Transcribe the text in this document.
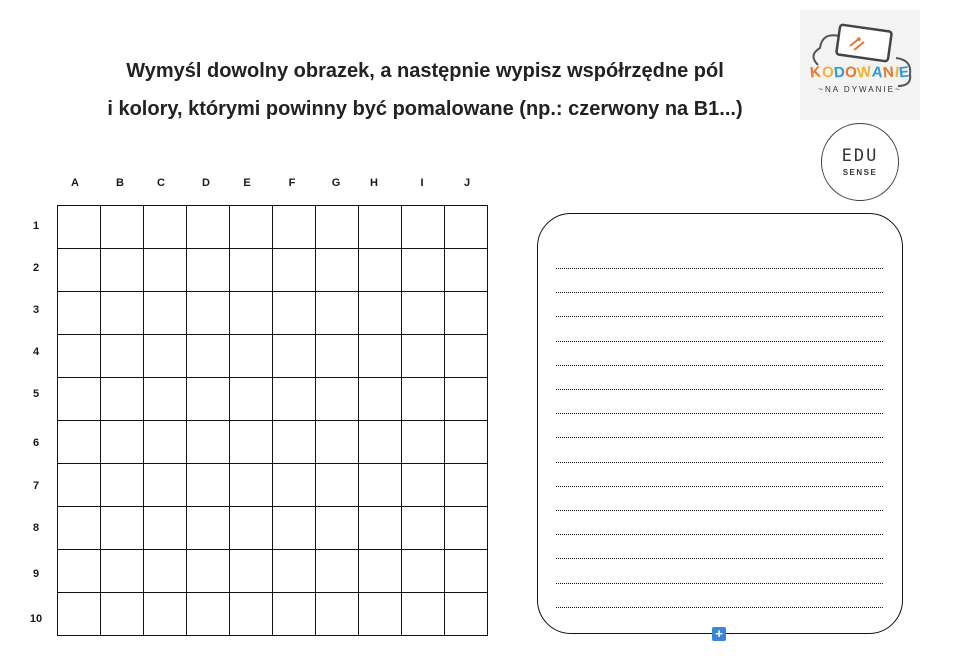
Wymyśl dowolny obrazek, a następnie wypisz współrzędne pól
i kolory, którymi powinny być pomalowane (np.: czerwony na B1...)
KODOWANIE
~NA DYWANIE~
EDU
SENSE
A	B	C	D	E	F	G	H	I	J
1
2
3
4
5
6
7
8
9
10
+
